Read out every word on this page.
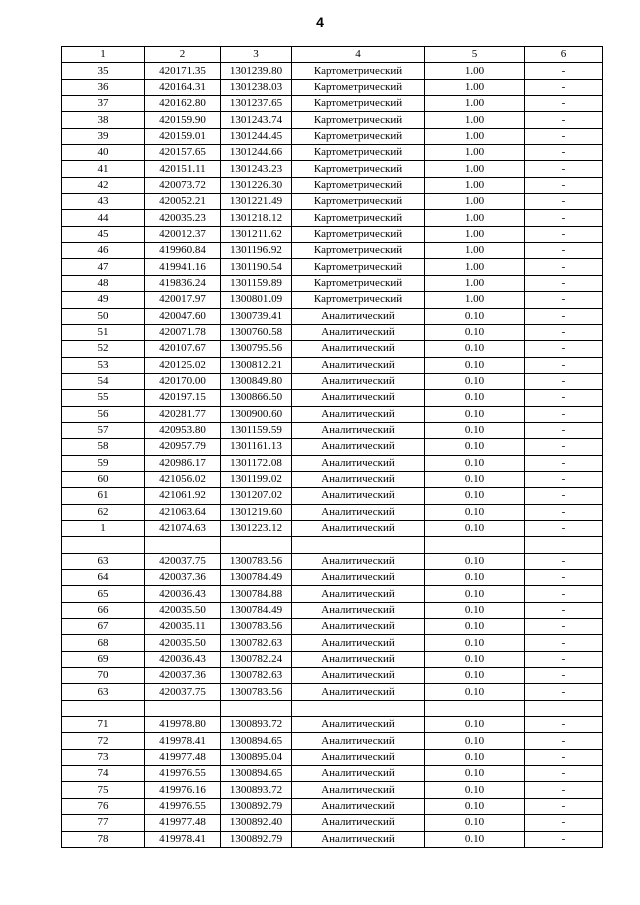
4
1	2	3	4	5	6
35	420171.35	1301239.80	Картометрический	1.00	-
36	420164.31	1301238.03	Картометрический	1.00	-
37	420162.80	1301237.65	Картометрический	1.00	-
38	420159.90	1301243.74	Картометрический	1.00	-
39	420159.01	1301244.45	Картометрический	1.00	-
40	420157.65	1301244.66	Картометрический	1.00	-
41	420151.11	1301243.23	Картометрический	1.00	-
42	420073.72	1301226.30	Картометрический	1.00	-
43	420052.21	1301221.49	Картометрический	1.00	-
44	420035.23	1301218.12	Картометрический	1.00	-
45	420012.37	1301211.62	Картометрический	1.00	-
46	419960.84	1301196.92	Картометрический	1.00	-
47	419941.16	1301190.54	Картометрический	1.00	-
48	419836.24	1301159.89	Картометрический	1.00	-
49	420017.97	1300801.09	Картометрический	1.00	-
50	420047.60	1300739.41	Аналитический	0.10	-
51	420071.78	1300760.58	Аналитический	0.10	-
52	420107.67	1300795.56	Аналитический	0.10	-
53	420125.02	1300812.21	Аналитический	0.10	-
54	420170.00	1300849.80	Аналитический	0.10	-
55	420197.15	1300866.50	Аналитический	0.10	-
56	420281.77	1300900.60	Аналитический	0.10	-
57	420953.80	1301159.59	Аналитический	0.10	-
58	420957.79	1301161.13	Аналитический	0.10	-
59	420986.17	1301172.08	Аналитический	0.10	-
60	421056.02	1301199.02	Аналитический	0.10	-
61	421061.92	1301207.02	Аналитический	0.10	-
62	421063.64	1301219.60	Аналитический	0.10	-
1	421074.63	1301223.12	Аналитический	0.10	-

63	420037.75	1300783.56	Аналитический	0.10	-
64	420037.36	1300784.49	Аналитический	0.10	-
65	420036.43	1300784.88	Аналитический	0.10	-
66	420035.50	1300784.49	Аналитический	0.10	-
67	420035.11	1300783.56	Аналитический	0.10	-
68	420035.50	1300782.63	Аналитический	0.10	-
69	420036.43	1300782.24	Аналитический	0.10	-
70	420037.36	1300782.63	Аналитический	0.10	-
63	420037.75	1300783.56	Аналитический	0.10	-

71	419978.80	1300893.72	Аналитический	0.10	-
72	419978.41	1300894.65	Аналитический	0.10	-
73	419977.48	1300895.04	Аналитический	0.10	-
74	419976.55	1300894.65	Аналитический	0.10	-
75	419976.16	1300893.72	Аналитический	0.10	-
76	419976.55	1300892.79	Аналитический	0.10	-
77	419977.48	1300892.40	Аналитический	0.10	-
78	419978.41	1300892.79	Аналитический	0.10	-
